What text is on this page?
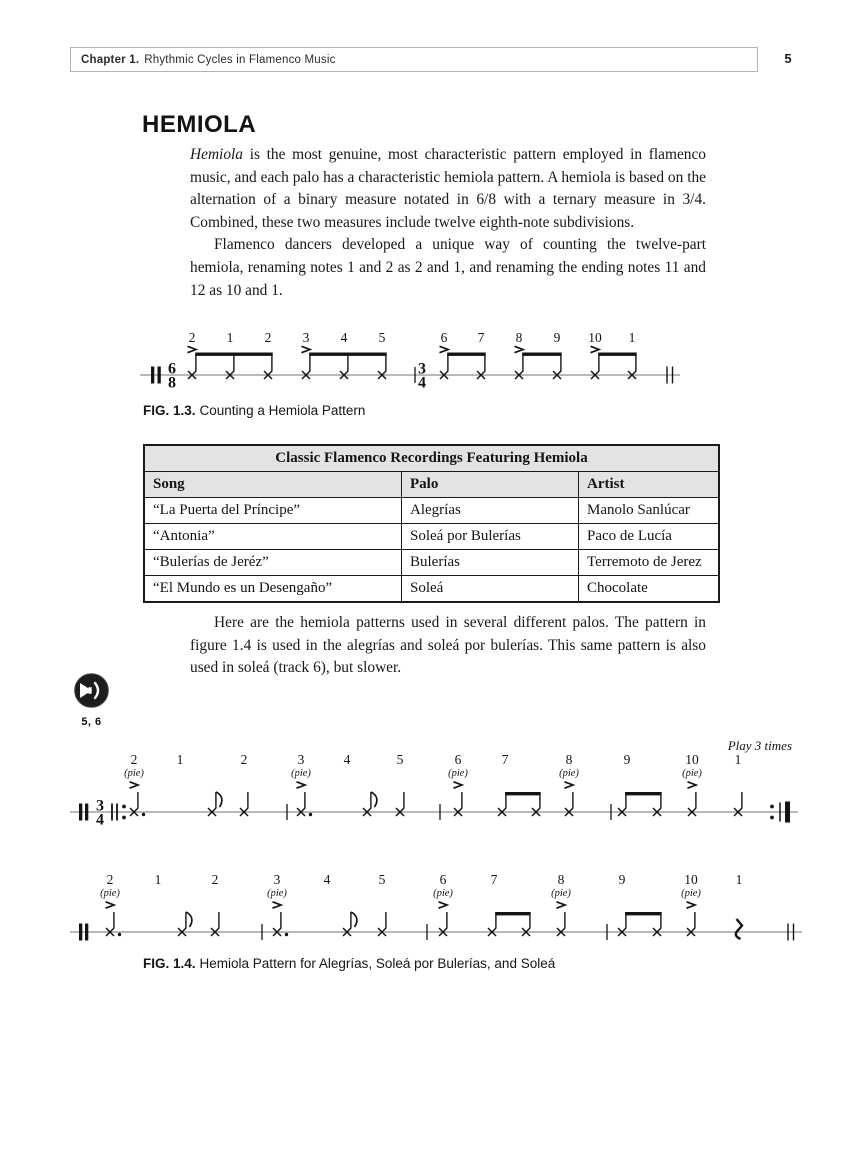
Chapter 1. Rhythmic Cycles in Flamenco Music	5
HEMIOLA

Hemiola is the most genuine, most characteristic pattern employed in flamenco music, and each palo has a characteristic hemiola pattern. A hemiola is based on the alternation of a binary measure notated in 6/8 with a ternary measure in 3/4. Combined, these two measures include twelve eighth-note subdivisions.

Flamenco dancers developed a unique way of counting the twelve-part hemiola, renaming notes 1 and 2 as 2 and 1, and renaming the ending notes 11 and 12 as 10 and 1.

6
8
3
4
2 1 2 3 4 5	6 7 8 9 10 1
FIG. 1.3. Counting a Hemiola Pattern
Classic Flamenco Recordings Featuring Hemiola		
Song	Palo	Artist
“La Puerta del Príncipe”	Alegrías	Manolo Sanlúcar
“Antonia”	Soleá por Bulerías	Paco de Lucía
“Bulerías de Jeréz”	Bulerías	Terremoto de Jerez
“El Mundo es un Desengaño”	Soleá	Chocolate

Here are the hemiola patterns used in several different palos. The pattern in figure 1.4 is used in the alegrías and soleá por bulerías. This same pattern is also used in soleá (track 6), but slower.

5, 6
3
4
2
(pie)
1	2	3
(pie)
4	5	6
(pie)
7	8
(pie)
9	10
(pie)
1
Play 3 times
2
(pie)
1	2	3
(pie)
4	5	6
(pie)
7	8
(pie)
9	10
(pie)
1
FIG. 1.4. Hemiola Pattern for Alegrías, Soleá por Bulerías, and Soleá
